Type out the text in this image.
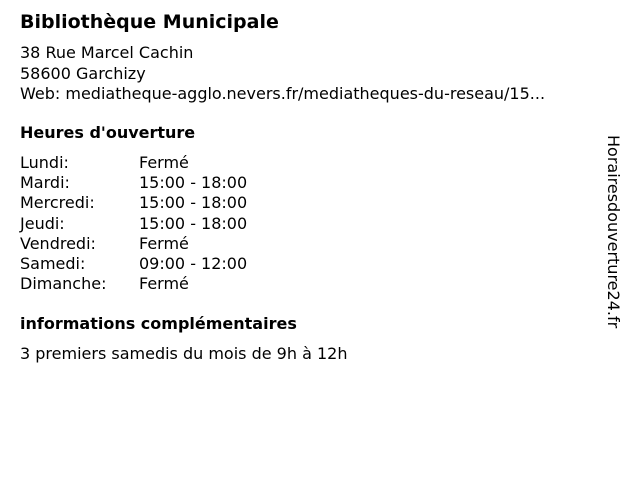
Bibliothèque Municipale
38 Rue Marcel Cachin
58600 Garchizy
Web: mediatheque-agglo.nevers.fr/mediatheques-du-reseau/15...
Heures d'ouverture
Lundi:	Fermé
Mardi:	15:00 - 18:00
Mercredi:	15:00 - 18:00
Jeudi:	15:00 - 18:00
Vendredi:	Fermé
Samedi:	09:00 - 12:00
Dimanche:	Fermé
informations complémentaires
3 premiers samedis du mois de 9h à 12h
Horairesdouverture24.fr
